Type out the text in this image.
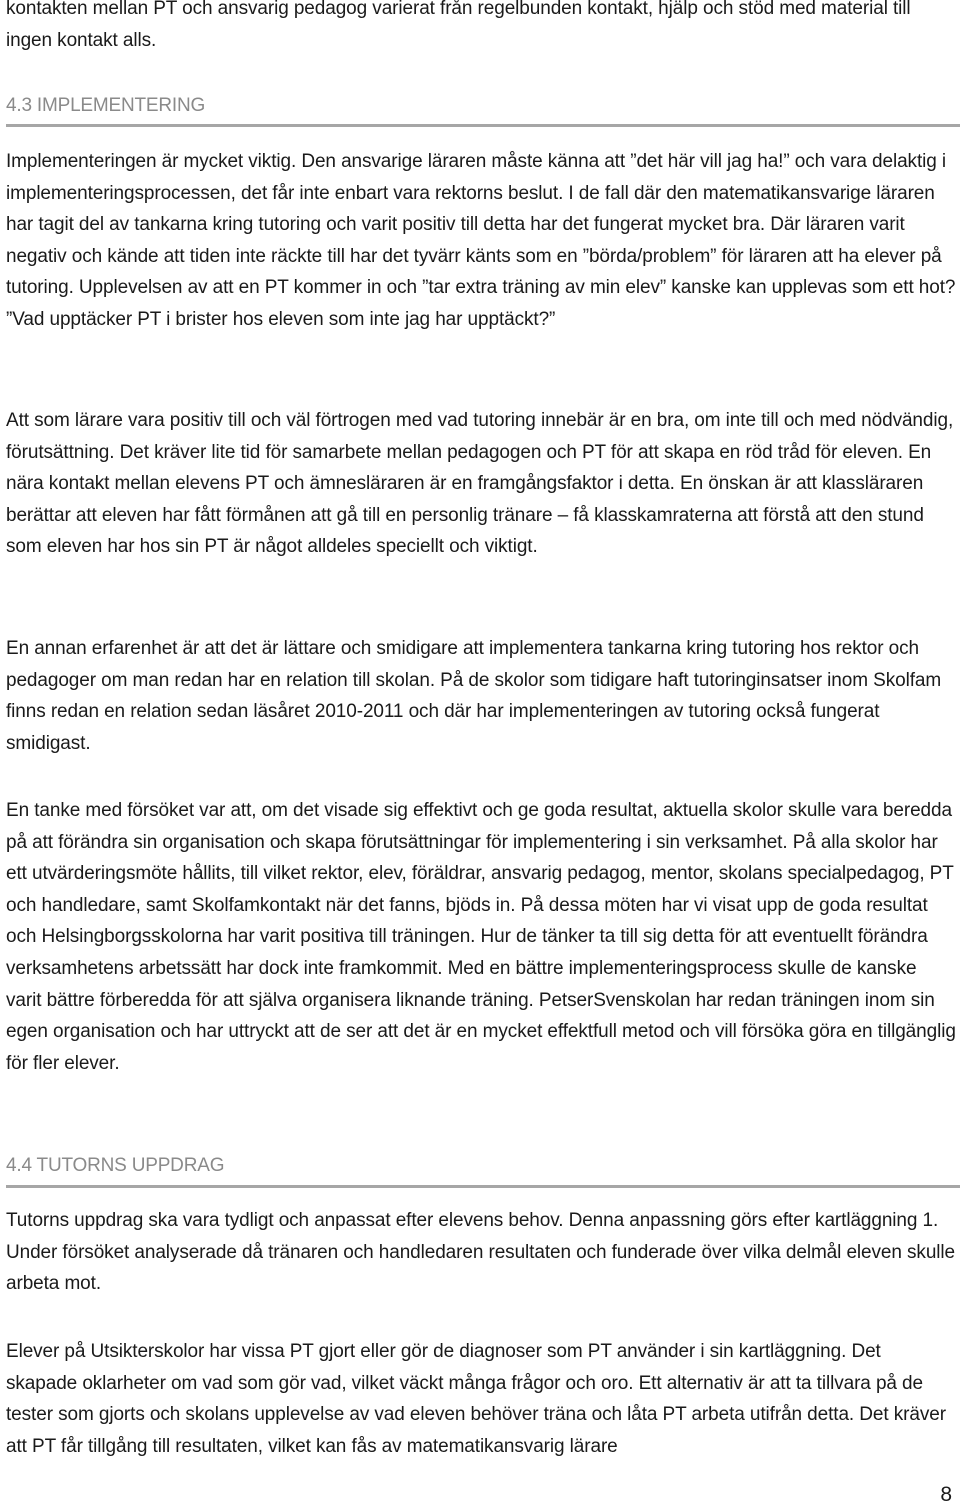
kontakten mellan PT och ansvarig pedagog varierat från regelbunden kontakt, hjälp och stöd med material till ingen kontakt alls.

4.3 IMPLEMENTERING

Implementeringen är mycket viktig. Den ansvarige läraren måste känna att ”det här vill jag ha!” och vara delaktig i implementeringsprocessen, det får inte enbart vara rektorns beslut. I de fall där den matematikansvarige läraren har tagit del av tankarna kring tutoring och varit positiv till detta har det fungerat mycket bra. Där läraren varit negativ och kände att tiden inte räckte till har det tyvärr känts som en ”börda/problem” för läraren att ha elever på tutoring. Upplevelsen av att en PT kommer in och ”tar extra träning av min elev” kanske kan upplevas som ett hot? ”Vad upptäcker PT i brister hos eleven som inte jag har upptäckt?”

Att som lärare vara positiv till och väl förtrogen med vad tutoring innebär är en bra, om inte till och med nödvändig, förutsättning. Det kräver lite tid för samarbete mellan pedagogen och PT för att skapa en röd tråd för eleven. En nära kontakt mellan elevens PT och ämnesläraren är en framgångsfaktor i detta. En önskan är att klassläraren berättar att eleven har fått förmånen att gå till en personlig tränare – få klasskamraterna att förstå att den stund som eleven har hos sin PT är något alldeles speciellt och viktigt.

En annan erfarenhet är att det är lättare och smidigare att implementera tankarna kring tutoring hos rektor och pedagoger om man redan har en relation till skolan. På de skolor som tidigare haft tutoringinsatser inom Skolfam finns redan en relation sedan läsåret 2010-2011 och där har implementeringen av tutoring också fungerat smidigast.

En tanke med försöket var att, om det visade sig effektivt och ge goda resultat, aktuella skolor skulle vara beredda på att förändra sin organisation och skapa förutsättningar för implementering i sin verksamhet. På alla skolor har ett utvärderingsmöte hållits, till vilket rektor, elev, föräldrar, ansvarig pedagog, mentor, skolans specialpedagog, PT och handledare, samt Skolfamkontakt när det fanns, bjöds in. På dessa möten har vi visat upp de goda resultat och Helsingborgsskolorna har varit positiva till träningen. Hur de tänker ta till sig detta för att eventuellt förändra verksamhetens arbetssätt har dock inte framkommit. Med en bättre implementeringsprocess skulle de kanske varit bättre förberedda för att själva organisera liknande träning. PetserSvenskolan har redan träningen inom sin egen organisation och har uttryckt att de ser att det är en mycket effektfull metod och vill försöka göra en tillgänglig för fler elever.

4.4 TUTORNS UPPDRAG

Tutorns uppdrag ska vara tydligt och anpassat efter elevens behov. Denna anpassning görs efter kartläggning 1. Under försöket analyserade då tränaren och handledaren resultaten och funderade över vilka delmål eleven skulle arbeta mot.

Elever på Utsikterskolor har vissa PT gjort eller gör de diagnoser som PT använder i sin kartläggning. Det skapade oklarheter om vad som gör vad, vilket väckt många frågor och oro. Ett alternativ är att ta tillvara på de tester som gjorts och skolans upplevelse av vad eleven behöver träna och låta PT arbeta utifrån detta. Det kräver att PT får tillgång till resultaten, vilket kan fås av matematikansvarig lärare

8
